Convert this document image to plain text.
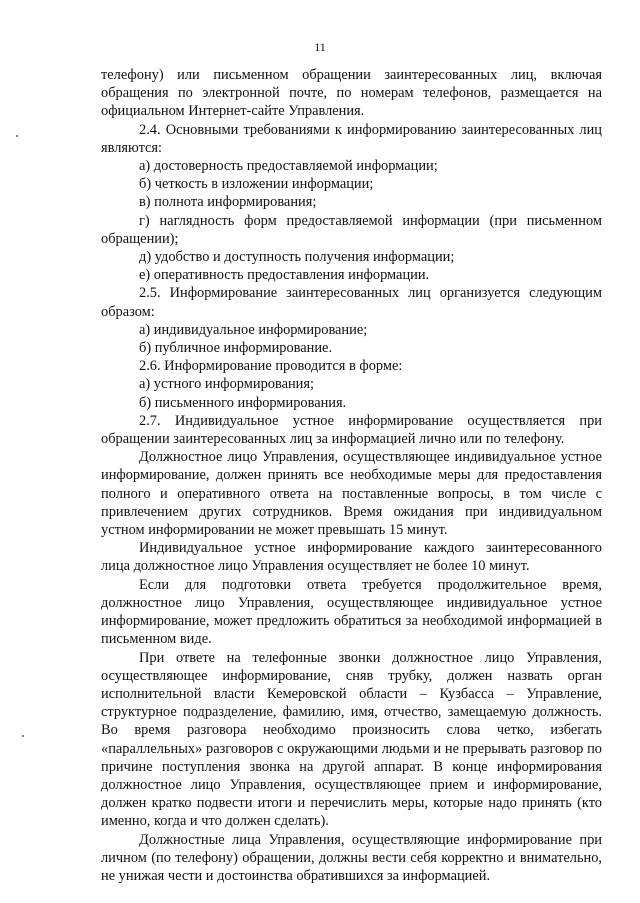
11

телефону) или письменном обращении заинтересованных лиц, включая обращения по электронной почте, по номерам телефонов, размещается на официальном Интернет-сайте Управления.

2.4. Основными требованиями к информированию заинтересованных лиц являются:

а) достоверность предоставляемой информации;

б) четкость в изложении информации;

в) полнота информирования;

г) наглядность форм предоставляемой информации (при письменном обращении);

д) удобство и доступность получения информации;

е) оперативность предоставления информации.

2.5. Информирование заинтересованных лиц организуется следующим образом:

а) индивидуальное информирование;

б) публичное информирование.

2.6. Информирование проводится в форме:

а) устного информирования;

б) письменного информирования.

2.7. Индивидуальное устное информирование осуществляется при обращении заинтересованных лиц за информацией лично или по телефону.

Должностное лицо Управления, осуществляющее индивидуальное устное информирование, должен принять все необходимые меры для предоставления полного и оперативного ответа на поставленные вопросы, в том числе с привлечением других сотрудников. Время ожидания при индивидуальном устном информировании не может превышать 15 минут.

Индивидуальное устное информирование каждого заинтересованного лица должностное лицо Управления осуществляет не более 10 минут.

Если для подготовки ответа требуется продолжительное время, должностное лицо Управления, осуществляющее индивидуальное устное информирование, может предложить обратиться за необходимой информацией в письменном виде.

При ответе на телефонные звонки должностное лицо Управления, осуществляющее информирование, сняв трубку, должен назвать орган исполнительной власти Кемеровской области – Кузбасса – Управление, структурное подразделение, фамилию, имя, отчество, замещаемую должность. Во время разговора необходимо произносить слова четко, избегать «параллельных» разговоров с окружающими людьми и не прерывать разговор по причине поступления звонка на другой аппарат. В конце информирования должностное лицо Управления, осуществляющее прием и информирование, должен кратко подвести итоги и перечислить меры, которые надо принять (кто именно, когда и что должен сделать).

Должностные лица Управления, осуществляющие информирование при личном (по телефону) обращении, должны вести себя корректно и внимательно, не унижая чести и достоинства обратившихся за информацией.
